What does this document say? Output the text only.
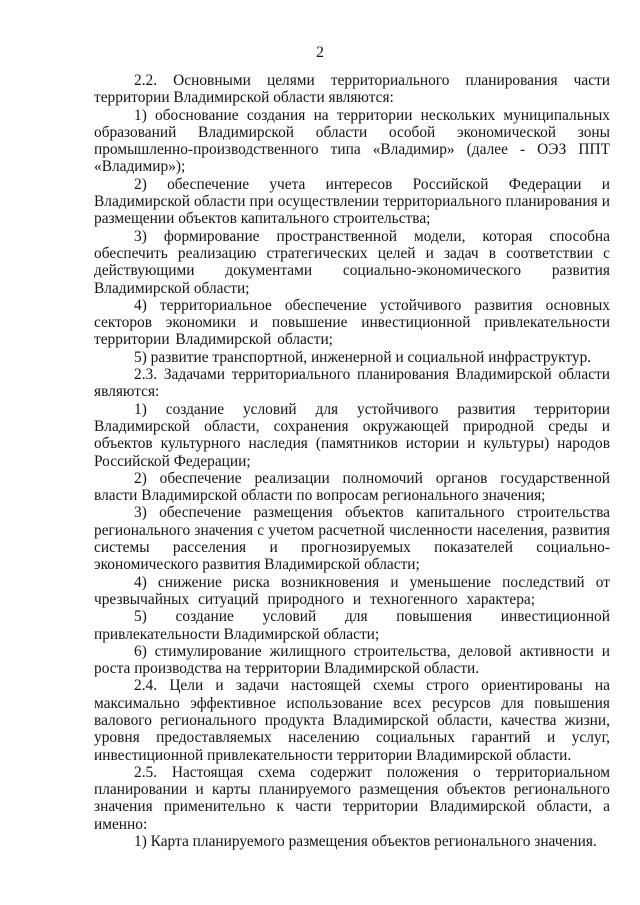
2

2.2. Основными целями территориального планирования части территории Владимирской области являются:

1) обоснование создания на территории нескольких муниципальных образований Владимирской области особой экономической зоны промышленно-производственного типа «Владимир» (далее - ОЭЗ ППТ «Владимир»);

2) обеспечение учета интересов Российской Федерации и Владимирской области при осуществлении территориального планирования и размещении объектов капитального строительства;

3) формирование пространственной модели, которая способна обеспечить реализацию стратегических целей и задач в соответствии с действующими документами социально-экономического развития Владимирской области;

4) территориальное обеспечение устойчивого развития основных секторов экономики и повышение инвестиционной привлекательности территории Владимирской области;

5) развитие транспортной, инженерной и социальной инфраструктур.

2.3. Задачами территориального планирования Владимирской области являются:

1) создание условий для устойчивого развития территории Владимирской области, сохранения окружающей природной среды и объектов культурного наследия (памятников истории и культуры) народов Российской Федерации;

2) обеспечение реализации полномочий органов государственной власти Владимирской области по вопросам регионального значения;

3) обеспечение размещения объектов капитального строительства регионального значения с учетом расчетной численности населения, развития системы расселения и прогнозируемых показателей социально-экономического развития Владимирской области;

4) снижение риска возникновения и уменьшение последствий от чрезвычайных ситуаций природного и техногенного характера;

5) создание условий для повышения инвестиционной привлекательности Владимирской области;

6) стимулирование жилищного строительства, деловой активности и роста производства на территории Владимирской области.

2.4. Цели и задачи настоящей схемы строго ориентированы на максимально эффективное использование всех ресурсов для повышения валового регионального продукта Владимирской области, качества жизни, уровня предоставляемых населению социальных гарантий и услуг, инвестиционной привлекательности территории Владимирской области.

2.5. Настоящая схема содержит положения о территориальном планировании и карты планируемого размещения объектов регионального значения применительно к части территории Владимирской области, а именно:

1) Карта планируемого размещения объектов регионального значения.
